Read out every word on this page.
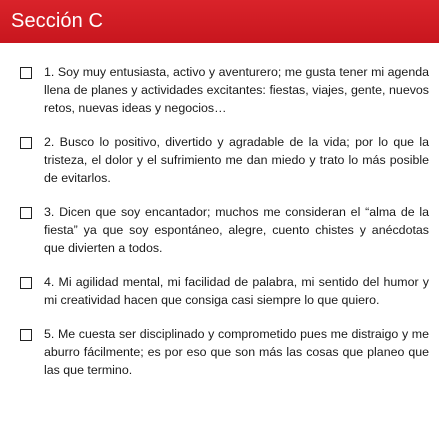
Sección C

1. Soy muy entusiasta, activo y aventurero; me gusta tener mi agenda llena de planes y actividades excitantes: fiestas, viajes, gente, nuevos retos, nuevas ideas y negocios…

2. Busco lo positivo, divertido y agradable de la vida; por lo que la tristeza, el dolor y el sufrimiento me dan miedo y trato lo más posible de evitarlos.

3. Dicen que soy encantador; muchos me consideran el “alma de la fiesta” ya que soy espontáneo, alegre, cuento chistes y anécdotas que divierten a todos.

4. Mi agilidad mental, mi facilidad de palabra, mi sentido del humor y mi creatividad hacen que consiga casi siempre lo que quiero.

5. Me cuesta ser disciplinado y comprometido pues me distraigo y me aburro fácilmente; es por eso que son más las cosas que planeo que las que termino.
